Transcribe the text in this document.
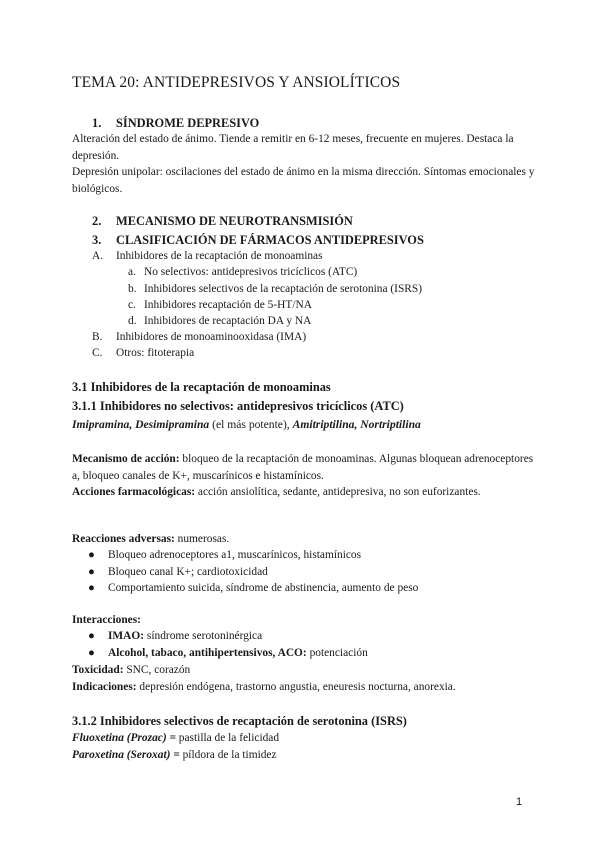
TEMA 20: ANTIDEPRESIVOS Y ANSIOLÍTICOS
1. SÍNDROME DEPRESIVO
Alteración del estado de ánimo. Tiende a remitir en 6-12 meses, frecuente en mujeres. Destaca la depresión.
Depresión unipolar: oscilaciones del estado de ánimo en la misma dirección. Síntomas emocionales y biológicos.
2. MECANISMO DE NEUROTRANSMISIÓN
3. CLASIFICACIÓN DE FÁRMACOS ANTIDEPRESIVOS
A. Inhibidores de la recaptación de monoaminas
a. No selectivos: antidepresivos tricíclicos (ATC)
b. Inhibidores selectivos de la recaptación de serotonina (ISRS)
c. Inhibidores recaptación de 5-HT/NA
d. Inhibidores de recaptación DA y NA
B. Inhibidores de monoaminooxidasa (IMA)
C. Otros: fitoterapia
3.1 Inhibidores de la recaptación de monoaminas
3.1.1 Inhibidores no selectivos: antidepresivos tricíclicos (ATC)
Imipramina, Desimipramina (el más potente), Amitriptilina, Nortriptilina
Mecanismo de acción: bloqueo de la recaptación de monoaminas. Algunas bloquean adrenoceptores a, bloqueo canales de K+, muscarínicos e histamínicos.
Acciones farmacológicas: acción ansiolítica, sedante, antidepresiva, no son euforizantes.
Reacciones adversas: numerosas.
● Bloqueo adrenoceptores a1, muscarínicos, histamínicos
● Bloqueo canal K+; cardiotoxicidad
● Comportamiento suicida, síndrome de abstinencia, aumento de peso
Interacciones:
● IMAO: síndrome serotoninérgica
● Alcohol, tabaco, antihipertensivos, ACO: potenciación
Toxicidad: SNC, corazón
Indicaciones: depresión endógena, trastorno angustia, eneuresis nocturna, anorexia.
3.1.2 Inhibidores selectivos de recaptación de serotonina (ISRS)
Fluoxetina (Prozac) = pastilla de la felicidad
Paroxetina (Seroxat) = píldora de la timidez
1
